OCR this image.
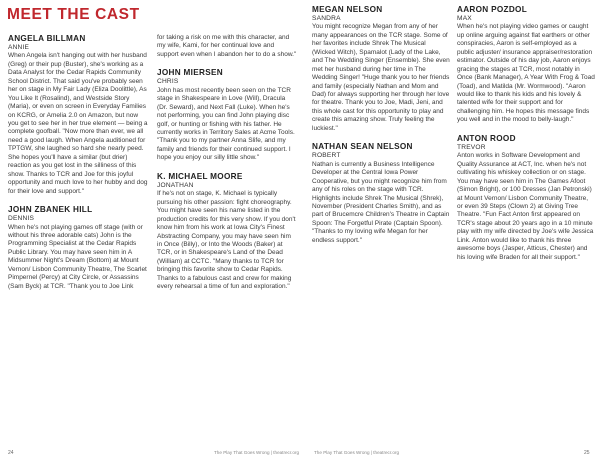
MEET THE CAST
ANGELA BILLMAN
ANNIE
When Angela isn't hanging out with her husband (Greg) or their pup (Buster), she's working as a Data Analyst for the Cedar Rapids Community School District. That said you've probably seen her on stage in My Fair Lady (Eliza Doolittle), As You Like It (Rosalind), and Westside Story (Maria), or even on screen in Everyday Families on KCRG, or Amelia 2.0 on Amazon, but now you get to see her in her true element — being a complete goofball. "Now more than ever, we all need a good laugh. When Angela auditioned for TPTGW, she laughed so hard she nearly peed. She hopes you'll have a similar (but drier) reaction as you get lost in the silliness of this show. Thanks to TCR and Joe for this joyful opportunity and much love to her hubby and dog for their love and support."
JOHN ZBANEK HILL
DENNIS
When he's not playing games off stage (with or without his three adorable cats) John is the Programming Specialist at the Cedar Rapids Public Library. You may have seen him in A Midsummer Night's Dream (Bottom) at Mount Vernon/ Lisbon Community Theatre, The Scarlet Pimpernel (Percy) at City Circle, or Assassins (Sam Byck) at TCR. "Thank you to Joe Link
for taking a risk on me with this character, and my wife, Kami, for her continual love and support even when I abandon her to do a show."
JOHN MIERSEN
CHRIS
John has most recently been seen on the TCR stage in Shakespeare in Love (Will), Dracula (Dr. Seward), and Next Fall (Luke). When he's not performing, you can find John playing disc golf, or hunting or fishing with his father. He currently works in Territory Sales at Acme Tools. "Thank you to my partner Anna Slife, and my family and friends for their continued support. I hope you enjoy our silly little show."
K. MICHAEL MOORE
JONATHAN
If he's not on stage, K. Michael is typically pursuing his other passion: fight choreography. You might have seen his name listed in the production credits for this very show. If you don't know him from his work at Iowa City's Finest Abstracting Company, you may have seen him in Once (Billy), or Into the Woods (Baker) at TCR, or in Shakespeare's Land of the Dead (William) at CCTC. "Many thanks to TCR for bringing this favorite show to Cedar Rapids. Thanks to a fabulous cast and crew for making every rehearsal a time of fun and exploration."
24	The Play That Goes Wrong | theatrecr.org
MEGAN NELSON
SANDRA
You might recognize Megan from any of her many appearances on the TCR stage. Some of her favorites include Shrek The Musical (Wicked Witch), Spamalot (Lady of the Lake, and The Wedding Singer (Ensemble). She even met her husband during her time in The Wedding Singer! "Huge thank you to her friends and family (especially Nathan and Mom and Dad) for always supporting her through her love for theatre. Thank you to Joe, Madi, Jeni, and this whole cast for this opportunity to play and create this amazing show. Truly feeling the luckiest."
NATHAN SEAN NELSON
ROBERT
Nathan is currently a Business Intelligence Developer at the Central Iowa Power Cooperative, but you might recognize him from any of his roles on the stage with TCR. Highlights include Shrek The Musical (Shrek), November (President Charles Smith), and as part of Brucemcre Children's Theatre in Captain Spoon: The Forgetful Pirate (Captain Spoon). "Thanks to my loving wife Megan for her endless support."
AARON POZDOL
MAX
When he's not playing video games or caught up online arguing against flat earthers or other conspiracies, Aaron is self-employed as a public adjuster/ insurance appraiser/restoration estimator. Outside of his day job, Aaron enjoys gracing the stages at TCR, most notably in Once (Bank Manager), A Year With Frog & Toad (Toad), and Matilda (Mr. Wormwood). "Aaron would like to thank his kids and his lovely & talented wife for their support and for challenging him. He hopes this message finds you well and in the mood to belly-laugh."
ANTON ROOD
TREVOR
Anton works in Software Development and Quality Assurance at ACT, Inc. when he's not cultivating his whiskey collection or on stage. You may have seen him in The Games Afoot (Simon Bright), or 100 Dresses (Jan Petronski) at Mount Vernon/ Lisbon Community Theatre, or even 39 Steps (Clown 2) at Giving Tree Theatre. "Fun Fact Anton first appeared on TCR's stage about 20 years ago in a 10 minute play with my wife directed by Joe's wife Jessica Link. Anton would like to thank his three awesome boys (Jasper, Atticus, Chester) and his loving wife Braden for all their support."
The Play That Goes Wrong | theatrecr.org	25
